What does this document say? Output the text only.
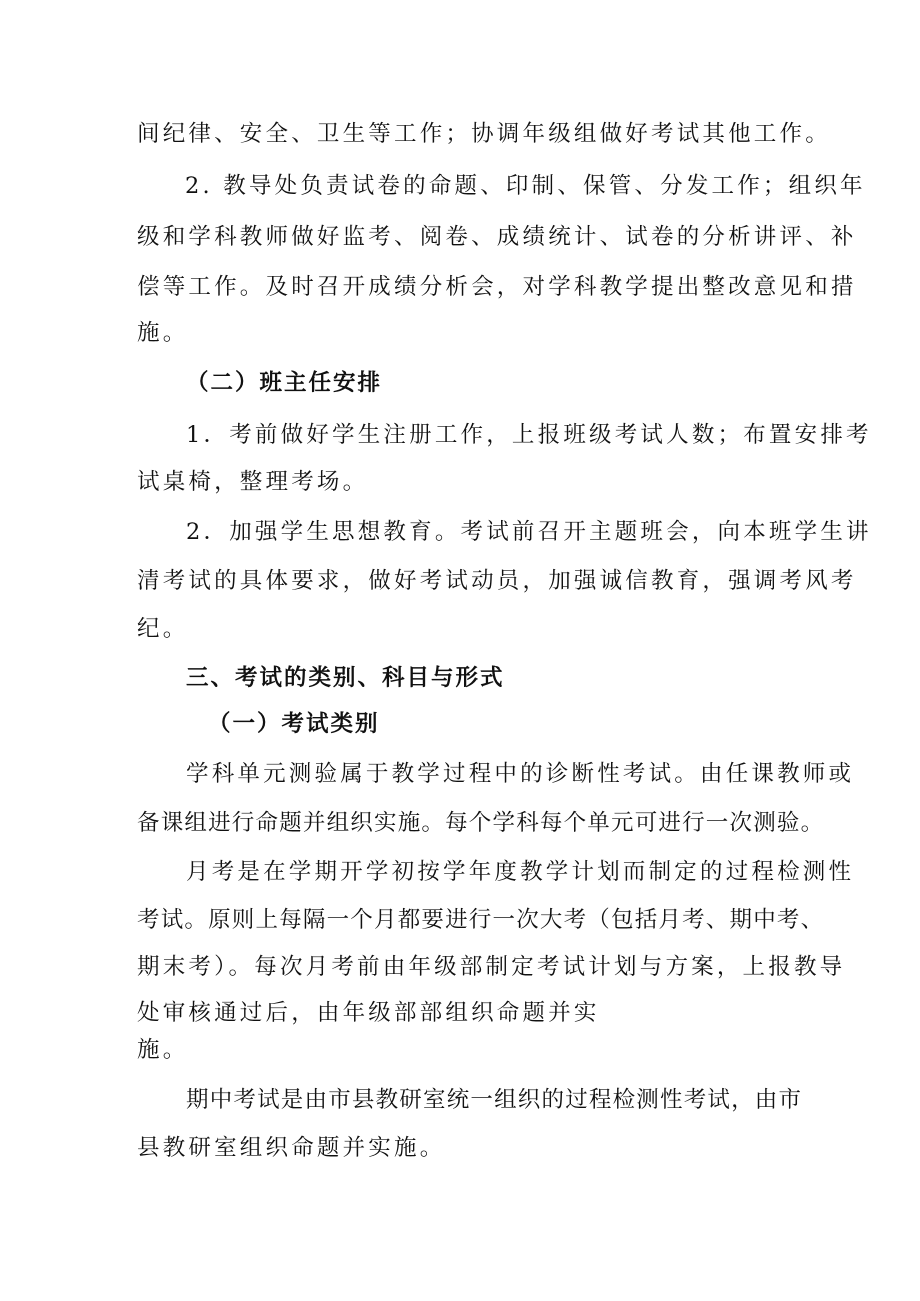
间纪律、安全、卫生等工作；协调年级组做好考试其他工作。
2. 教导处负责试卷的命题、印制、保管、分发工作；组织年
级和学科教师做好监考、阅卷、成绩统计、试卷的分析讲评、补
偿等工作。及时召开成绩分析会，对学科教学提出整改意见和措
施。
（二）班主任安排
1．考前做好学生注册工作，上报班级考试人数；布置安排考
试桌椅，整理考场。
2．加强学生思想教育。考试前召开主题班会，向本班学生讲
清考试的具体要求，做好考试动员，加强诚信教育，强调考风考
纪。
三、考试的类别、科目与形式
（一）考试类别
学科单元测验属于教学过程中的诊断性考试。由任课教师或
备课组进行命题并组织实施。每个学科每个单元可进行一次测验。
月考是在学期开学初按学年度教学计划而制定的过程检测性
考试。原则上每隔一个月都要进行一次大考（包括月考、期中考、
期末考）。每次月考前由年级部制定考试计划与方案，上报教导
处审核通过后，由年级部部组织命题并实
施。
期中考试是由市县教研室统一组织的过程检测性考试，由市
县教研室组织命题并实施。
